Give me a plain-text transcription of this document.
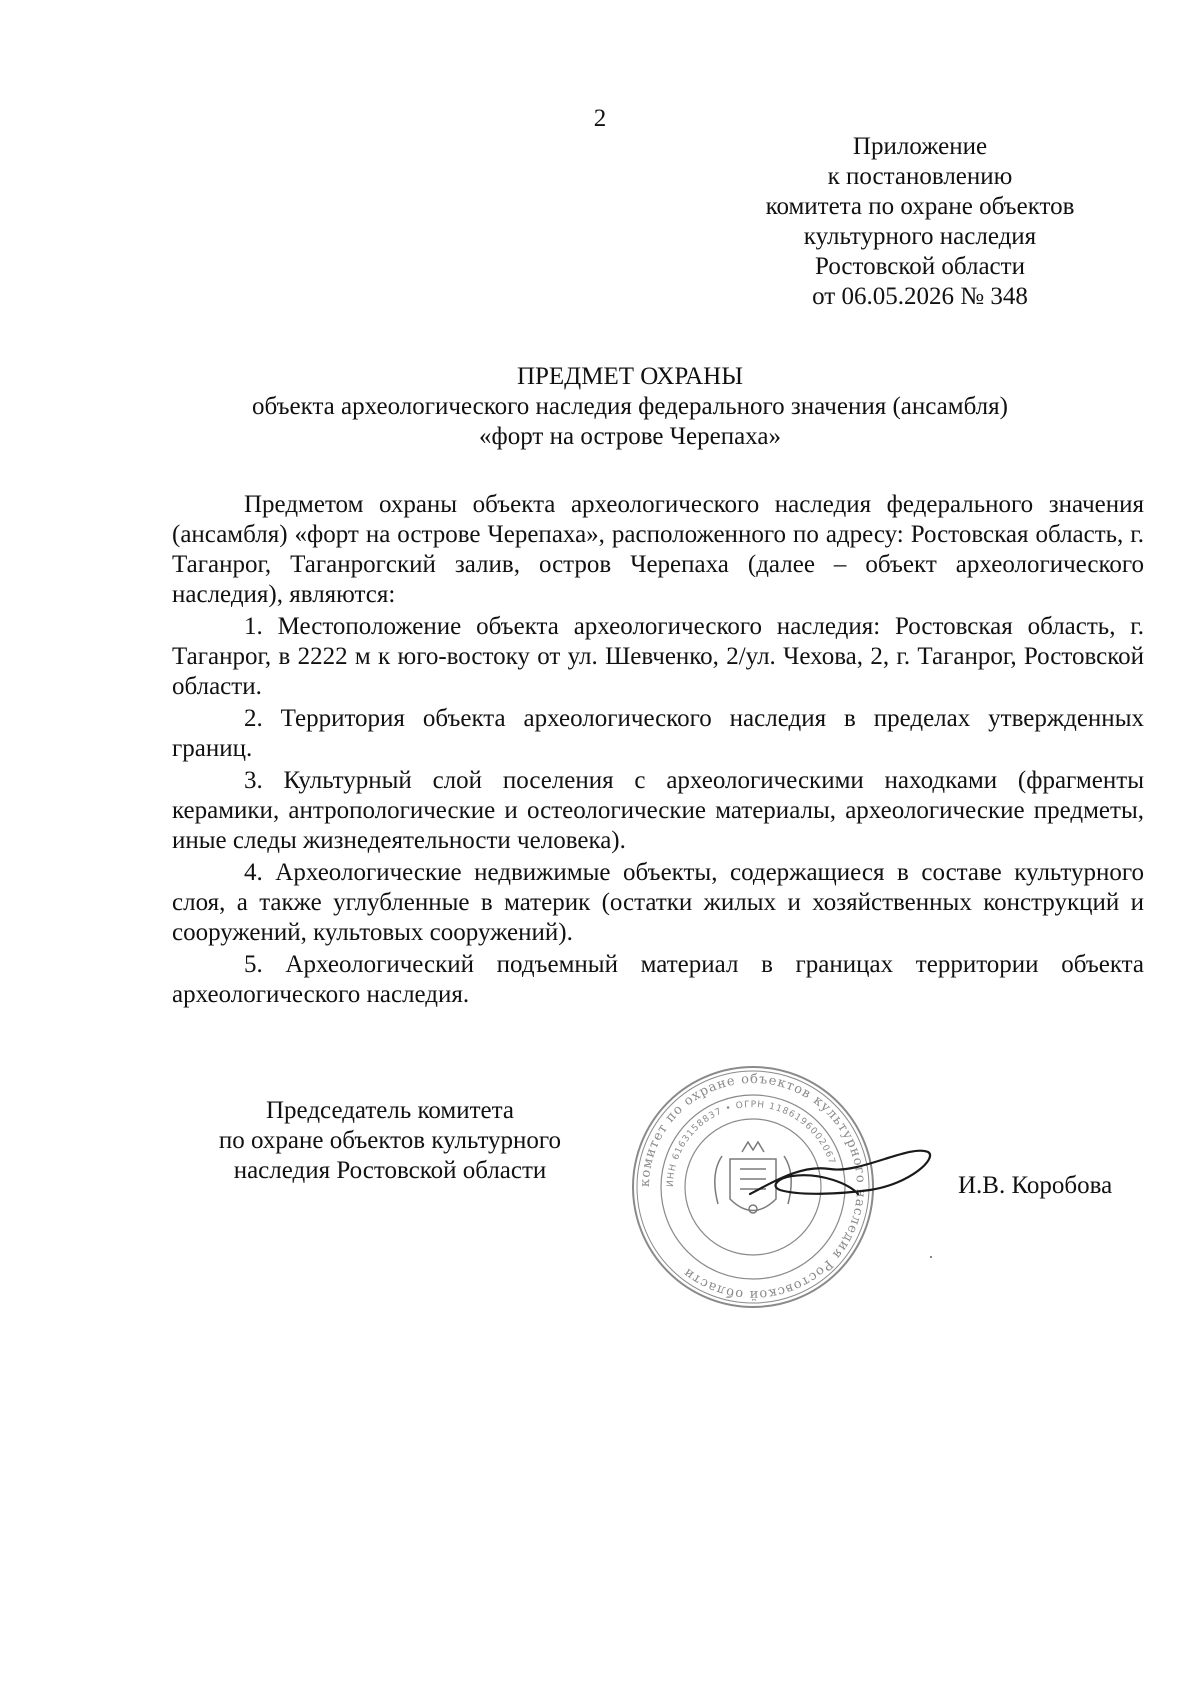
2
Приложение
к постановлению
комитета по охране объектов
культурного наследия
Ростовской области
от 06.05.2026 № 348
ПРЕДМЕТ ОХРАНЫ
объекта археологического наследия федерального значения (ансамбля)
«форт на острове Черепаха»

Предметом охраны объекта археологического наследия федерального значения (ансамбля) «форт на острове Черепаха», расположенного по адресу: Ростовская область, г. Таганрог, Таганрогский залив, остров Черепаха (далее – объект археологического наследия), являются:

1. Местоположение объекта археологического наследия: Ростовская область, г. Таганрог, в 2222 м к юго-востоку от ул. Шевченко, 2/ул. Чехова, 2, г. Таганрог, Ростовской области.

2. Территория объекта археологического наследия в пределах утвержденных границ.

3. Культурный слой поселения с археологическими находками (фрагменты керамики, антропологические и остеологические материалы, археологические предметы, иные следы жизнедеятельности человека).

4. Археологические недвижимые объекты, содержащиеся в составе культурного слоя, а также углубленные в материк (остатки жилых и хозяйственных конструкций и сооружений, культовых сооружений).

5. Археологический подъемный материал в границах территории объекта археологического наследия.

Председатель комитета
по охране объектов культурного
наследия Ростовской области	комитет по охране объектов культурного наследия Ростовской области
ИНН 6163158837 • ОГРН 1186196002067
И.В. Коробова
